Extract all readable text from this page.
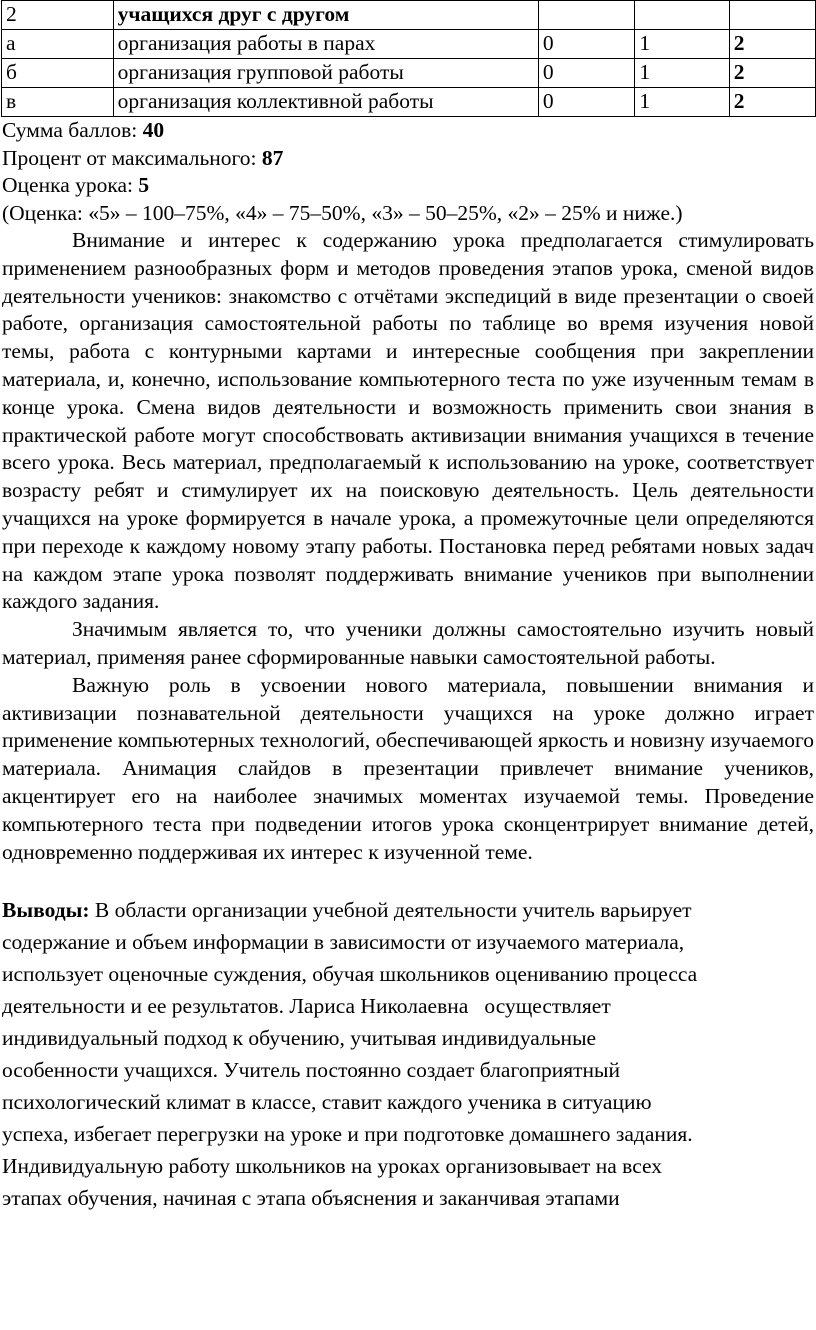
2	учащихся друг с другом			
а	организация работы в парах	0	1	2
б	организация групповой работы	0	1	2
в	организация коллективной работы	0	1	2
Сумма баллов: 40
Процент от максимального: 87
Оценка урока: 5
(Оценка: «5» – 100–75%, «4» – 75–50%, «3» – 50–25%, «2» – 25% и ниже.)

Внимание и интерес к содержанию урока предполагается стимулировать применением разнообразных форм и методов проведения этапов урока, сменой видов деятельности учеников: знакомство с отчётами экспедиций в виде презентации о своей работе, организация самостоятельной работы по таблице во время изучения новой темы, работа с контурными картами и интересные сообщения при закреплении материала, и, конечно, использование компьютерного теста по уже изученным темам в конце урока. Смена видов деятельности и возможность применить свои знания в практической работе могут способствовать активизации внимания учащихся в течение всего урока. Весь материал, предполагаемый к использованию на уроке, соответствует возрасту ребят и стимулирует их на поисковую деятельность. Цель деятельности учащихся на уроке формируется в начале урока, а промежуточные цели определяются при переходе к каждому новому этапу работы. Постановка перед ребятами новых задач на каждом этапе урока позволят поддерживать внимание учеников при выполнении каждого задания.

Значимым является то, что ученики должны самостоятельно изучить новый материал, применяя ранее сформированные навыки самостоятельной работы.

Важную роль в усвоении нового материала, повышении внимания и активизации познавательной деятельности учащихся на уроке должно играет применение компьютерных технологий, обеспечивающей яркость и новизну изучаемого материала. Анимация слайдов в презентации привлечет внимание учеников, акцентирует его на наиболее значимых моментах изучаемой темы. Проведение компьютерного теста при подведении итогов урока сконцентрирует внимание детей, одновременно поддерживая их интерес к изученной теме.

Выводы: В области организации учебной деятельности учитель варьирует
содержание и объем информации в зависимости от изучаемого материала,
использует оценочные суждения, обучая школьников оцениванию процесса
деятельности и ее результатов. Лариса Николаевна   осуществляет
индивидуальный подход к обучению, учитывая индивидуальные
особенности учащихся. Учитель постоянно создает благоприятный
психологический климат в классе, ставит каждого ученика в ситуацию
успеха, избегает перегрузки на уроке и при подготовке домашнего задания.
Индивидуальную работу школьников на уроках организовывает на всех
этапах обучения, начиная с этапа объяснения и заканчивая этапами
